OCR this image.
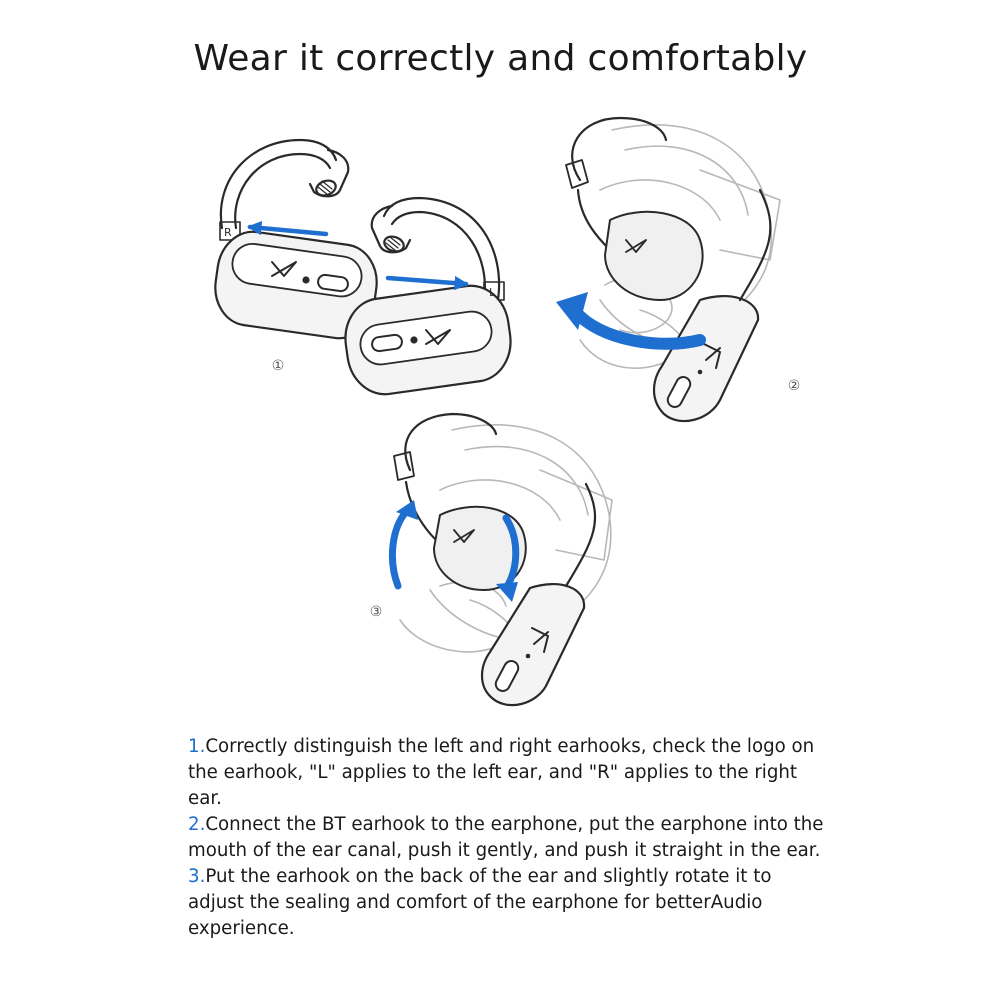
Wear it correctly and comfortably
R
L
①
②
③

1.Correctly distinguish the left and right earhooks, check the logo on the earhook, "L" applies to the left ear, and "R" applies to the right ear.

2.Connect the BT earhook to the earphone, put the earphone into the mouth of the ear canal, push it gently, and push it straight in the ear.

3.Put the earhook on the back of the ear and slightly rotate it to adjust the sealing and comfort of the earphone for betterAudio experience.
